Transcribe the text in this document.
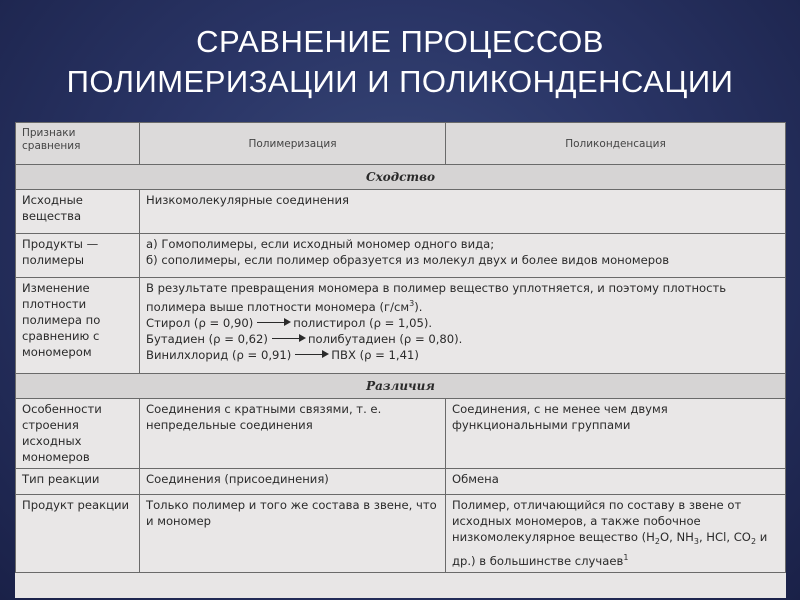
СРАВНЕНИЕ ПРОЦЕССОВ
ПОЛИМЕРИЗАЦИИ И ПОЛИКОНДЕНСАЦИИ
Признаки сравнения	Полимеризация	Поликонденсация
Сходство		
Исходные вещества	Низкомолекулярные соединения	
Продукты — полимеры	а) Гомополимеры, если исходный мономер одного вида;
б) сополимеры, если полимер образуется из молекул двух и более видов мономеров	

Изменение плотности полимера по сравнению с мономером	В результате превращения мономера в полимер вещество уплотняется, и поэтому плотность полимера выше плотности мономера $(г/см^3)$.
Стирол (ρ = 0,90) полистирол (ρ = 1,05).
Бутадиен (ρ = 0,62) полибутадиен (ρ = 0,80).
Винилхлорид (ρ = 0,91) ПВХ (ρ = 1,41)	

Различия		
Особенности строения исходных мономеров	Соединения с кратными связями, т. е. непредельные соединения	Соединения, с не менее чем двумя функциональными группами
Тип реакции	Соединения (присоединения)	Обмена
Продукт реакции	Только полимер и того же состава в звене, что и мономер	Полимер, отличающийся по составу в звене от исходных мономеров, а также побочное низкомолекулярное вещество ($H_2O$, $NH_3$, HCl, $CO_2$ и др.) в большинстве случаев$^1$
